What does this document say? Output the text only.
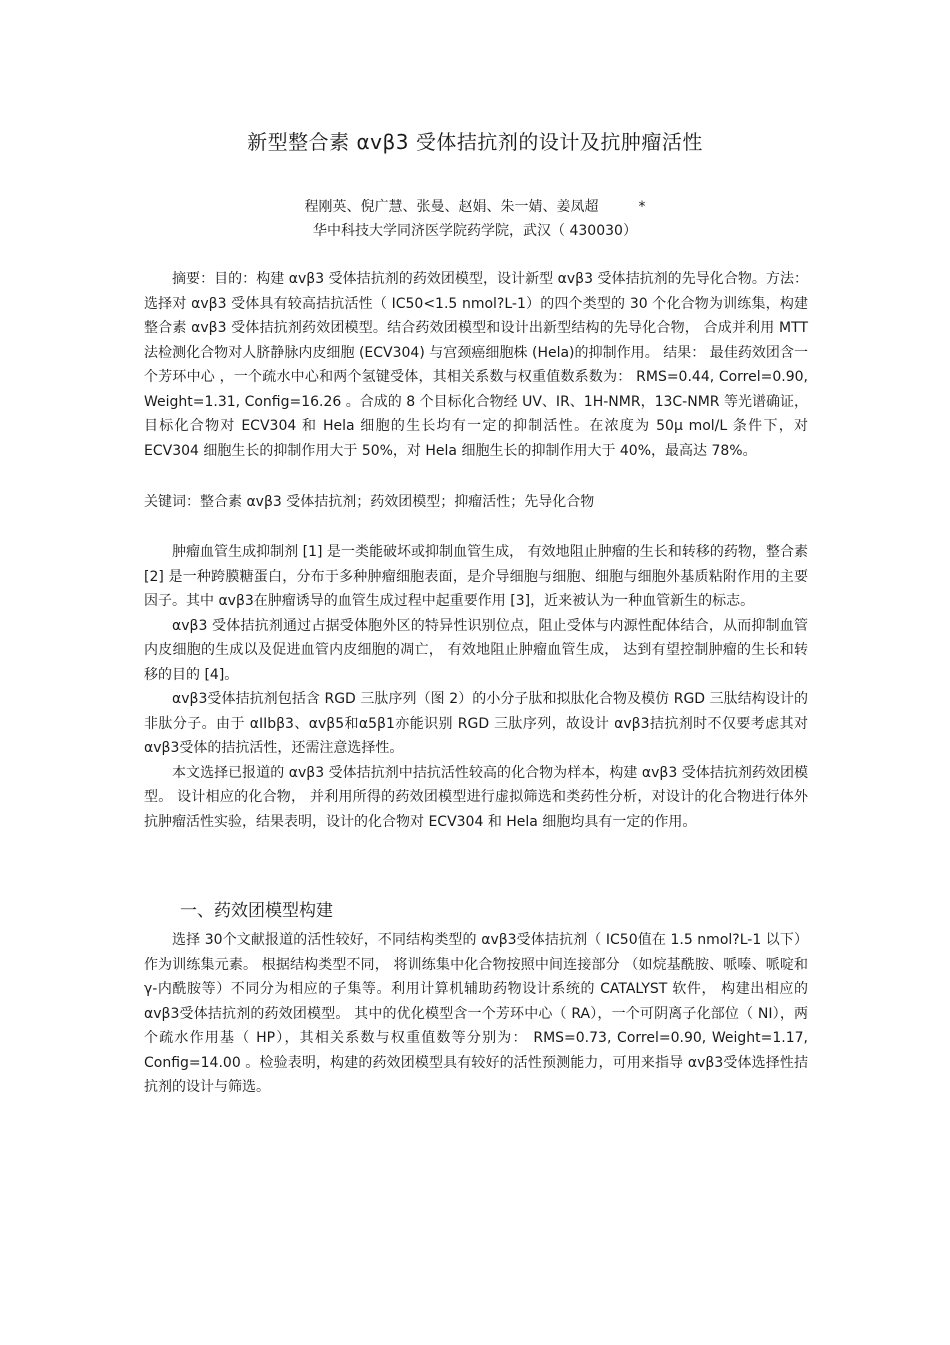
新型整合素 αvβ3 受体拮抗剂的设计及抗肿瘤活性
程刚英、倪广慧、张曼、赵娟、朱一婧、姜凤超	*
华中科技大学同济医学院药学院，武汉（ 430030）

摘要：目的：构建 αvβ3 受体拮抗剂的药效团模型，设计新型 αvβ3 受体拮抗剂的先导化合物。方法：选择对 αvβ3 受体具有较高拮抗活性（ IC50<1.5 nmol?L-1）的四个类型的 30 个化合物为训练集，构建整合素 αvβ3 受体拮抗剂药效团模型。结合药效团模型和设计出新型结构的先导化合物， 合成并利用 MTT 法检测化合物对人脐静脉内皮细胞 (ECV304) 与宫颈癌细胞株 (Hela)的抑制作用。 结果： 最佳药效团含一个芳环中心 ，一个疏水中心和两个氢键受体，其相关系数与权重值数系数为： RMS=0.44, Correl=0.90, Weight=1.31, Config=16.26 。合成的 8 个目标化合物经 UV、IR、1H-NMR，13C-NMR 等光谱确证， 目标化合物对 ECV304 和 Hela 细胞的生长均有一定的抑制活性。在浓度为 50μ mol/L 条件下，对 ECV304 细胞生长的抑制作用大于 50%，对 Hela 细胞生长的抑制作用大于 40%，最高达 78%。

关键词：整合素 αvβ3 受体拮抗剂；药效团模型；抑瘤活性；先导化合物

肿瘤血管生成抑制剂 [1] 是一类能破坏或抑制血管生成， 有效地阻止肿瘤的生长和转移的药物，整合素 [2] 是一种跨膜糖蛋白，分布于多种肿瘤细胞表面，是介导细胞与细胞、细胞与细胞外基质粘附作用的主要因子。其中 αvβ3在肿瘤诱导的血管生成过程中起重要作用 [3]，近来被认为一种血管新生的标志。

αvβ3 受体拮抗剂通过占据受体胞外区的特异性识别位点，阻止受体与内源性配体结合，从而抑制血管内皮细胞的生成以及促进血管内皮细胞的凋亡， 有效地阻止肿瘤血管生成， 达到有望控制肿瘤的生长和转移的目的 [4]。

αvβ3受体拮抗剂包括含 RGD 三肽序列（图 2）的小分子肽和拟肽化合物及模仿 RGD 三肽结构设计的非肽分子。由于 αIIbβ3、αvβ5和α5β1亦能识别 RGD 三肽序列，故设计 αvβ3拮抗剂时不仅要考虑其对 αvβ3受体的拮抗活性，还需注意选择性。

本文选择已报道的 αvβ3 受体拮抗剂中拮抗活性较高的化合物为样本，构建 αvβ3 受体拮抗剂药效团模型。 设计相应的化合物， 并利用所得的药效团模型进行虚拟筛选和类药性分析，对设计的化合物进行体外抗肿瘤活性实验，结果表明，设计的化合物对 ECV304 和 Hela 细胞均具有一定的作用。

一、药效团模型构建

选择 30个文献报道的活性较好，不同结构类型的 αvβ3受体拮抗剂（ IC50值在 1.5 nmol?L-1 以下） 作为训练集元素。 根据结构类型不同， 将训练集中化合物按照中间连接部分 （如烷基酰胺、哌嗪、哌啶和 γ-内酰胺等）不同分为相应的子集等。利用计算机辅助药物设计系统的 CATALYST 软件， 构建出相应的 αvβ3受体拮抗剂的药效团模型。 其中的优化模型含一个芳环中心（ RA），一个可阴离子化部位（ NI），两个疏水作用基（ HP），其相关系数与权重值数等分别为： RMS=0.73, Correl=0.90, Weight=1.17, Config=14.00 。检验表明，构建的药效团模型具有较好的活性预测能力，可用来指导 αvβ3受体选择性拮抗剂的设计与筛选。
